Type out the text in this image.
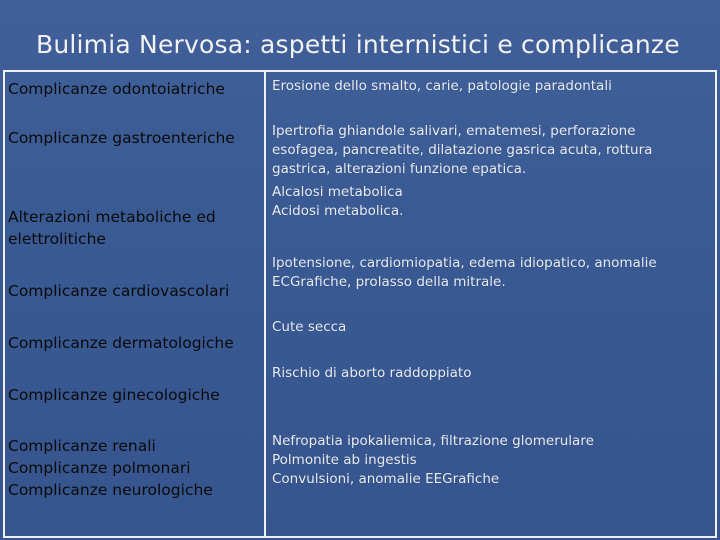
Bulimia Nervosa: aspetti internistici e complicanze
Complicanze odontoiatriche
Complicanze gastroenteriche
Alterazioni metaboliche ed
elettrolitiche
Complicanze cardiovascolari
Complicanze dermatologiche
Complicanze ginecologiche
Complicanze renali
Complicanze polmonari
Complicanze neurologiche
Erosione dello smalto, carie, patologie paradontali
Ipertrofia ghiandole salivari, ematemesi, perforazione
esofagea, pancreatite, dilatazione gasrica acuta, rottura
gastrica, alterazioni funzione epatica.
Alcalosi metabolica
Acidosi metabolica.
Ipotensione, cardiomiopatia, edema idiopatico, anomalie
ECGrafiche, prolasso della mitrale.
Cute secca
Rischio di aborto raddoppiato
Nefropatia ipokaliemica, filtrazione glomerulare
Polmonite ab ingestis
Convulsioni, anomalie EEGrafiche
